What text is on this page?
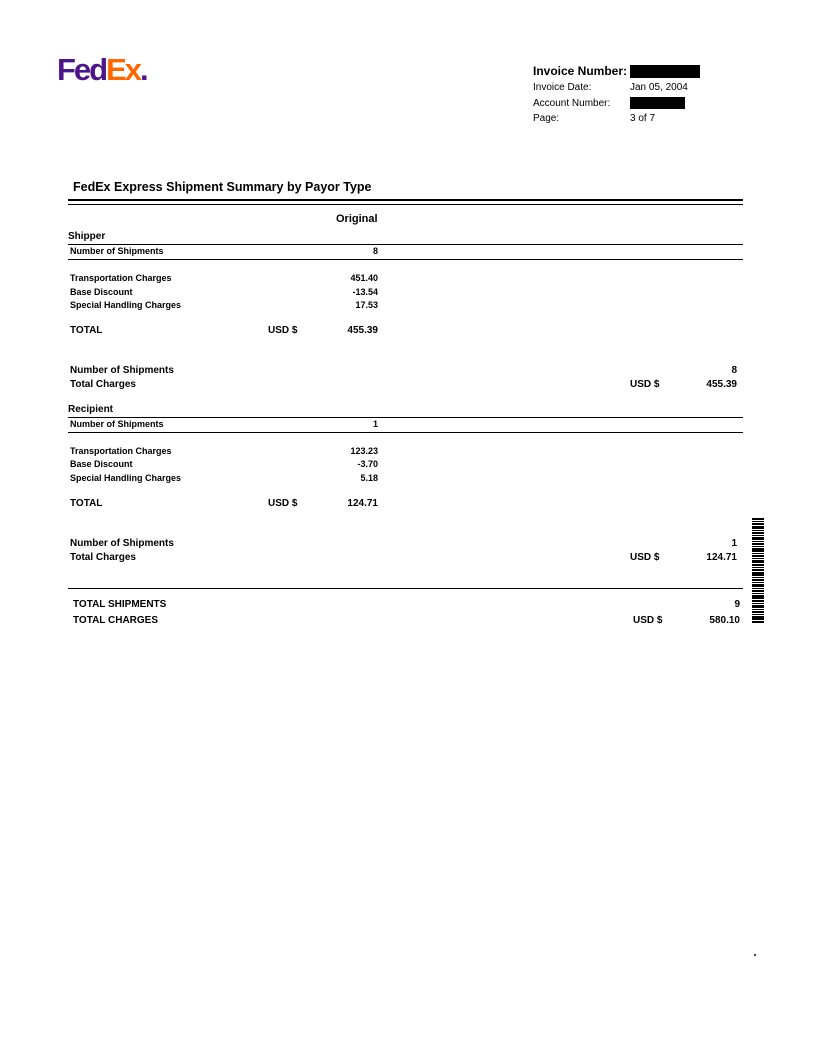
FedEx.	Invoice Number:
Invoice Date:	Jan 05, 2004
Account Number:
Page:	3 of 7
FedEx Express Shipment Summary by Payor Type
Original
Shipper
Number of Shipments	8
Transportation Charges	451.40
Base Discount	-13.54
Special Handling Charges	17.53
TOTAL	USD $	455.39
Number of Shipments	8
Total Charges	USD $	455.39
Recipient
Number of Shipments	1
Transportation Charges	123.23
Base Discount	-3.70
Special Handling Charges	5.18
TOTAL	USD $	124.71
Number of Shipments	1
Total Charges	USD $	124.71
TOTAL SHIPMENTS	9
TOTAL CHARGES	USD $	580.10
